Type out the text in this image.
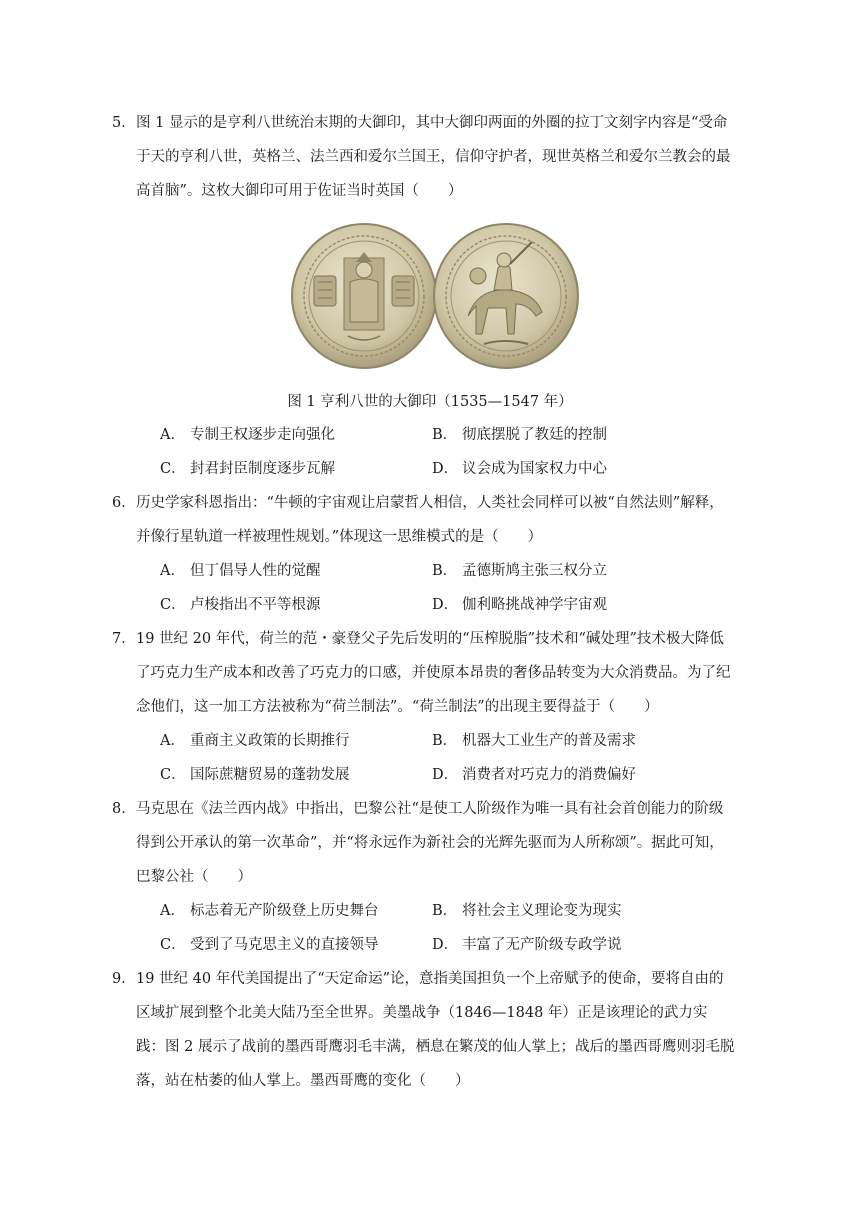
5． 图 1 显示的是亨利八世统治末期的大御印，其中大御印两面的外圈的拉丁文刻字内容是“受命于天的亨利八世，英格兰、法兰西和爱尔兰国王，信仰守护者，现世英格兰和爱尔兰教会的最高首脑”。这枚大御印可用于佐证当时英国（　　）
图 1 亨利八世的大御印（1535—1547 年）
A． 专制王权逐步走向强化	B． 彻底摆脱了教廷的控制
C． 封君封臣制度逐步瓦解	D． 议会成为国家权力中心
6． 历史学家科恩指出：“牛顿的宇宙观让启蒙哲人相信，人类社会同样可以被“自然法则”解释，并像行星轨道一样被理性规划。”体现这一思维模式的是（　　）
A． 但丁倡导人性的觉醒	B． 孟德斯鸠主张三权分立
C． 卢梭指出不平等根源	D． 伽利略挑战神学宇宙观
7． 19 世纪 20 年代，荷兰的范・豪登父子先后发明的“压榨脱脂”技术和“碱处理”技术极大降低了巧克力生产成本和改善了巧克力的口感，并使原本昂贵的奢侈品转变为大众消费品。为了纪念他们，这一加工方法被称为“荷兰制法”。“荷兰制法”的出现主要得益于（　　）
A． 重商主义政策的长期推行	B． 机器大工业生产的普及需求
C． 国际蔗糖贸易的蓬勃发展	D． 消费者对巧克力的消费偏好
8． 马克思在《法兰西内战》中指出，巴黎公社“是使工人阶级作为唯一具有社会首创能力的阶级得到公开承认的第一次革命”，并“将永远作为新社会的光辉先驱而为人所称颂”。据此可知，巴黎公社（　　）
A． 标志着无产阶级登上历史舞台	B． 将社会主义理论变为现实
C． 受到了马克思主义的直接领导	D． 丰富了无产阶级专政学说
9． 19 世纪 40 年代美国提出了“天定命运”论，意指美国担负一个上帝赋予的使命，要将自由的区域扩展到整个北美大陆乃至全世界。美墨战争（1846—1848 年）正是该理论的武力实践：图 2 展示了战前的墨西哥鹰羽毛丰满，栖息在繁茂的仙人掌上；战后的墨西哥鹰则羽毛脱落，站在枯萎的仙人掌上。墨西哥鹰的变化（　　）
